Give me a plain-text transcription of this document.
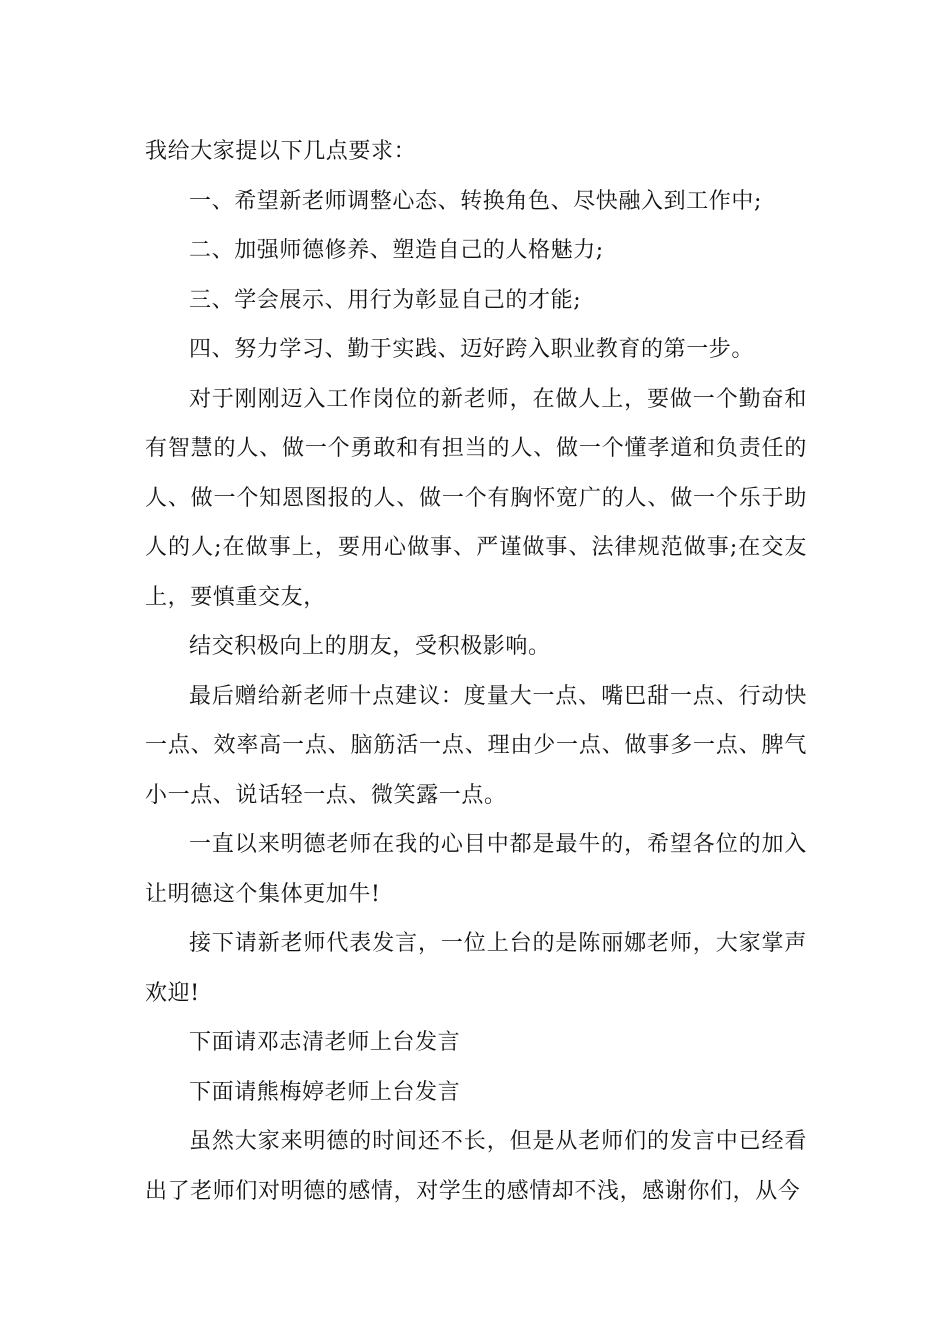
我给大家提以下几点要求：

一、希望新老师调整心态、转换角色、尽快融入到工作中;

二、加强师德修养、塑造自己的人格魅力;

三、学会展示、用行为彰显自己的才能;

四、努力学习、勤于实践、迈好跨入职业教育的第一步。

对于刚刚迈入工作岗位的新老师，在做人上，要做一个勤奋和有智慧的人、做一个勇敢和有担当的人、做一个懂孝道和负责任的人、做一个知恩图报的人、做一个有胸怀宽广的人、做一个乐于助人的人;在做事上，要用心做事、严谨做事、法律规范做事;在交友上，要慎重交友，

结交积极向上的朋友，受积极影响。

最后赠给新老师十点建议：度量大一点、嘴巴甜一点、行动快一点、效率高一点、脑筋活一点、理由少一点、做事多一点、脾气小一点、说话轻一点、微笑露一点。

一直以来明德老师在我的心目中都是最牛的，希望各位的加入让明德这个集体更加牛!

接下请新老师代表发言，一位上台的是陈丽娜老师，大家掌声欢迎!

下面请邓志清老师上台发言

下面请熊梅婷老师上台发言

虽然大家来明德的时间还不长，但是从老师们的发言中已经看出了老师们对明德的感情，对学生的感情却不浅，感谢你们，从今
